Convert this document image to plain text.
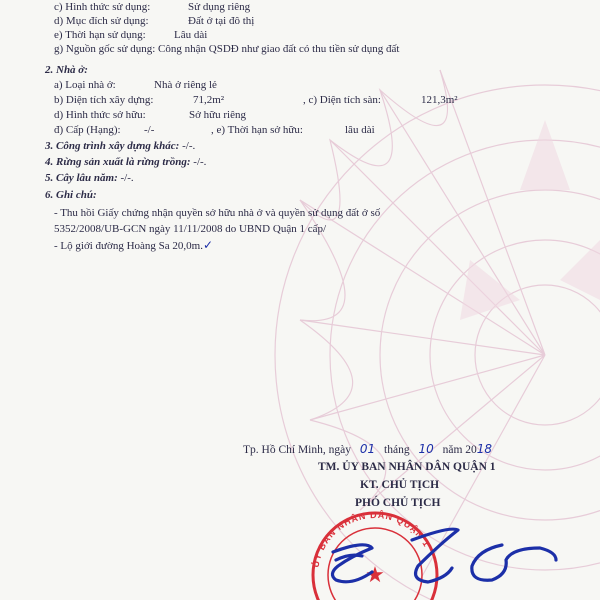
c) Hình thức sử dụng:	Sử dụng riêng
d) Mục đích sử dụng:	Đất ở tại đô thị
e) Thời hạn sử dụng:	Lâu dài
g) Nguồn gốc sử dụng: Công nhận QSDĐ như giao đất có thu tiền sử dụng đất
2. Nhà ở:
a) Loại nhà ở:	Nhà ở riêng lẻ
b) Diện tích xây dựng:	71,2m²	, c) Diện tích sàn:	121,3m²
d) Hình thức sở hữu:	Sở hữu riêng
đ) Cấp (Hạng): -/-	, e) Thời hạn sở hữu:	lâu dài
3. Công trình xây dựng khác: -/-.
4. Rừng sản xuất là rừng trồng: -/-.
5. Cây lâu năm: -/-.
6. Ghi chú:
- Thu hồi Giấy chứng nhận quyền sở hữu nhà ở và quyền sử dụng đất ở số
5352/2008/UB-GCN ngày 11/11/2008 do UBND Quận 1 cấp/
- Lộ giới đường Hoàng Sa 20,0m.✓
Tp. Hồ Chí Minh, ngày 01 tháng 10 năm 2018
TM. ỦY BAN NHÂN DÂN QUẬN 1
KT. CHỦ TỊCH
PHÓ CHỦ TỊCH
ỦY BAN NHÂN DÂN QUẬN 1
★
